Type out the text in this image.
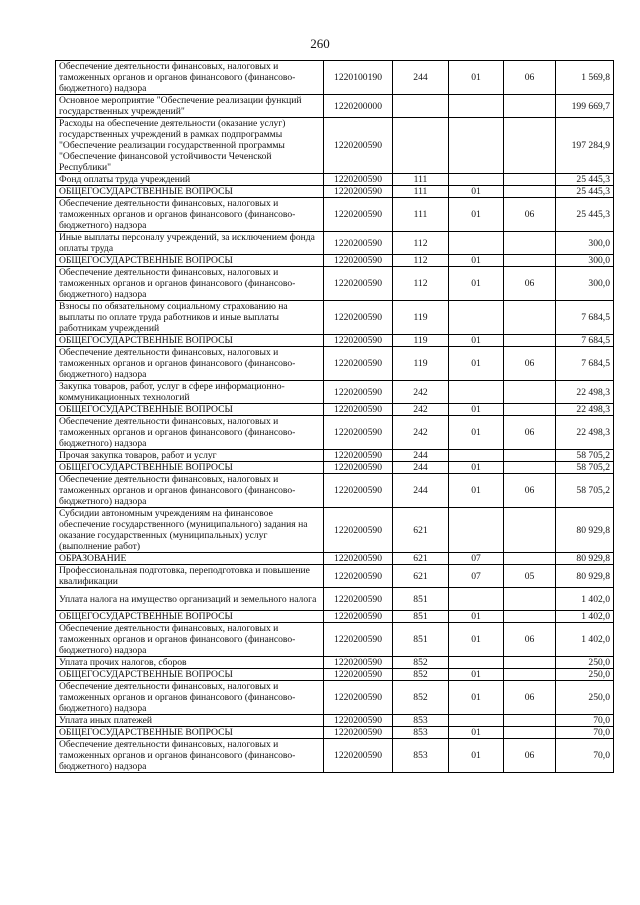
260
Обеспечение деятельности финансовых, налоговых и таможенных органов и органов финансового (финансово-бюджетного) надзора	1220100190	244	01	06	1 569,8
Основное мероприятие "Обеспечение реализации функций государственных учреждений"	1220200000				199 669,7
Расходы на обеспечение деятельности (оказание услуг) государственных учреждений в рамках подпрограммы "Обеспечение реализации государственной программы "Обеспечение финансовой устойчивости Чеченской Республики"	1220200590				197 284,9
Фонд оплаты труда учреждений	1220200590	111			25 445,3
ОБЩЕГОСУДАРСТВЕННЫЕ ВОПРОСЫ	1220200590	111	01		25 445,3
Обеспечение деятельности финансовых, налоговых и таможенных органов и органов финансового (финансово-бюджетного) надзора	1220200590	111	01	06	25 445,3
Иные выплаты персоналу учреждений, за исключением фонда оплаты труда	1220200590	112			300,0
ОБЩЕГОСУДАРСТВЕННЫЕ ВОПРОСЫ	1220200590	112	01		300,0
Обеспечение деятельности финансовых, налоговых и таможенных органов и органов финансового (финансово-бюджетного) надзора	1220200590	112	01	06	300,0
Взносы по обязательному социальному страхованию на выплаты по оплате труда работников и иные выплаты работникам учреждений	1220200590	119			7 684,5
ОБЩЕГОСУДАРСТВЕННЫЕ ВОПРОСЫ	1220200590	119	01		7 684,5
Обеспечение деятельности финансовых, налоговых и таможенных органов и органов финансового (финансово-бюджетного) надзора	1220200590	119	01	06	7 684,5
Закупка товаров, работ, услуг в сфере информационно-коммуникационных технологий	1220200590	242			22 498,3
ОБЩЕГОСУДАРСТВЕННЫЕ ВОПРОСЫ	1220200590	242	01		22 498,3
Обеспечение деятельности финансовых, налоговых и таможенных органов и органов финансового (финансово-бюджетного) надзора	1220200590	242	01	06	22 498,3
Прочая закупка товаров, работ и услуг	1220200590	244			58 705,2
ОБЩЕГОСУДАРСТВЕННЫЕ ВОПРОСЫ	1220200590	244	01		58 705,2
Обеспечение деятельности финансовых, налоговых и таможенных органов и органов финансового (финансово-бюджетного) надзора	1220200590	244	01	06	58 705,2
Субсидии автономным учреждениям на финансовое обеспечение государственного (муниципального) задания на оказание государственных (муниципальных) услуг (выполнение работ)	1220200590	621			80 929,8
ОБРАЗОВАНИЕ	1220200590	621	07		80 929,8
Профессиональная подготовка, переподготовка и повышение квалификации	1220200590	621	07	05	80 929,8
Уплата налога на имущество организаций и земельного налога	1220200590	851			1 402,0
ОБЩЕГОСУДАРСТВЕННЫЕ ВОПРОСЫ	1220200590	851	01		1 402,0
Обеспечение деятельности финансовых, налоговых и таможенных органов и органов финансового (финансово-бюджетного) надзора	1220200590	851	01	06	1 402,0
Уплата прочих налогов, сборов	1220200590	852			250,0
ОБЩЕГОСУДАРСТВЕННЫЕ ВОПРОСЫ	1220200590	852	01		250,0
Обеспечение деятельности финансовых, налоговых и таможенных органов и органов финансового (финансово-бюджетного) надзора	1220200590	852	01	06	250,0
Уплата иных платежей	1220200590	853			70,0
ОБЩЕГОСУДАРСТВЕННЫЕ ВОПРОСЫ	1220200590	853	01		70,0
Обеспечение деятельности финансовых, налоговых и таможенных органов и органов финансового (финансово-бюджетного) надзора	1220200590	853	01	06	70,0
